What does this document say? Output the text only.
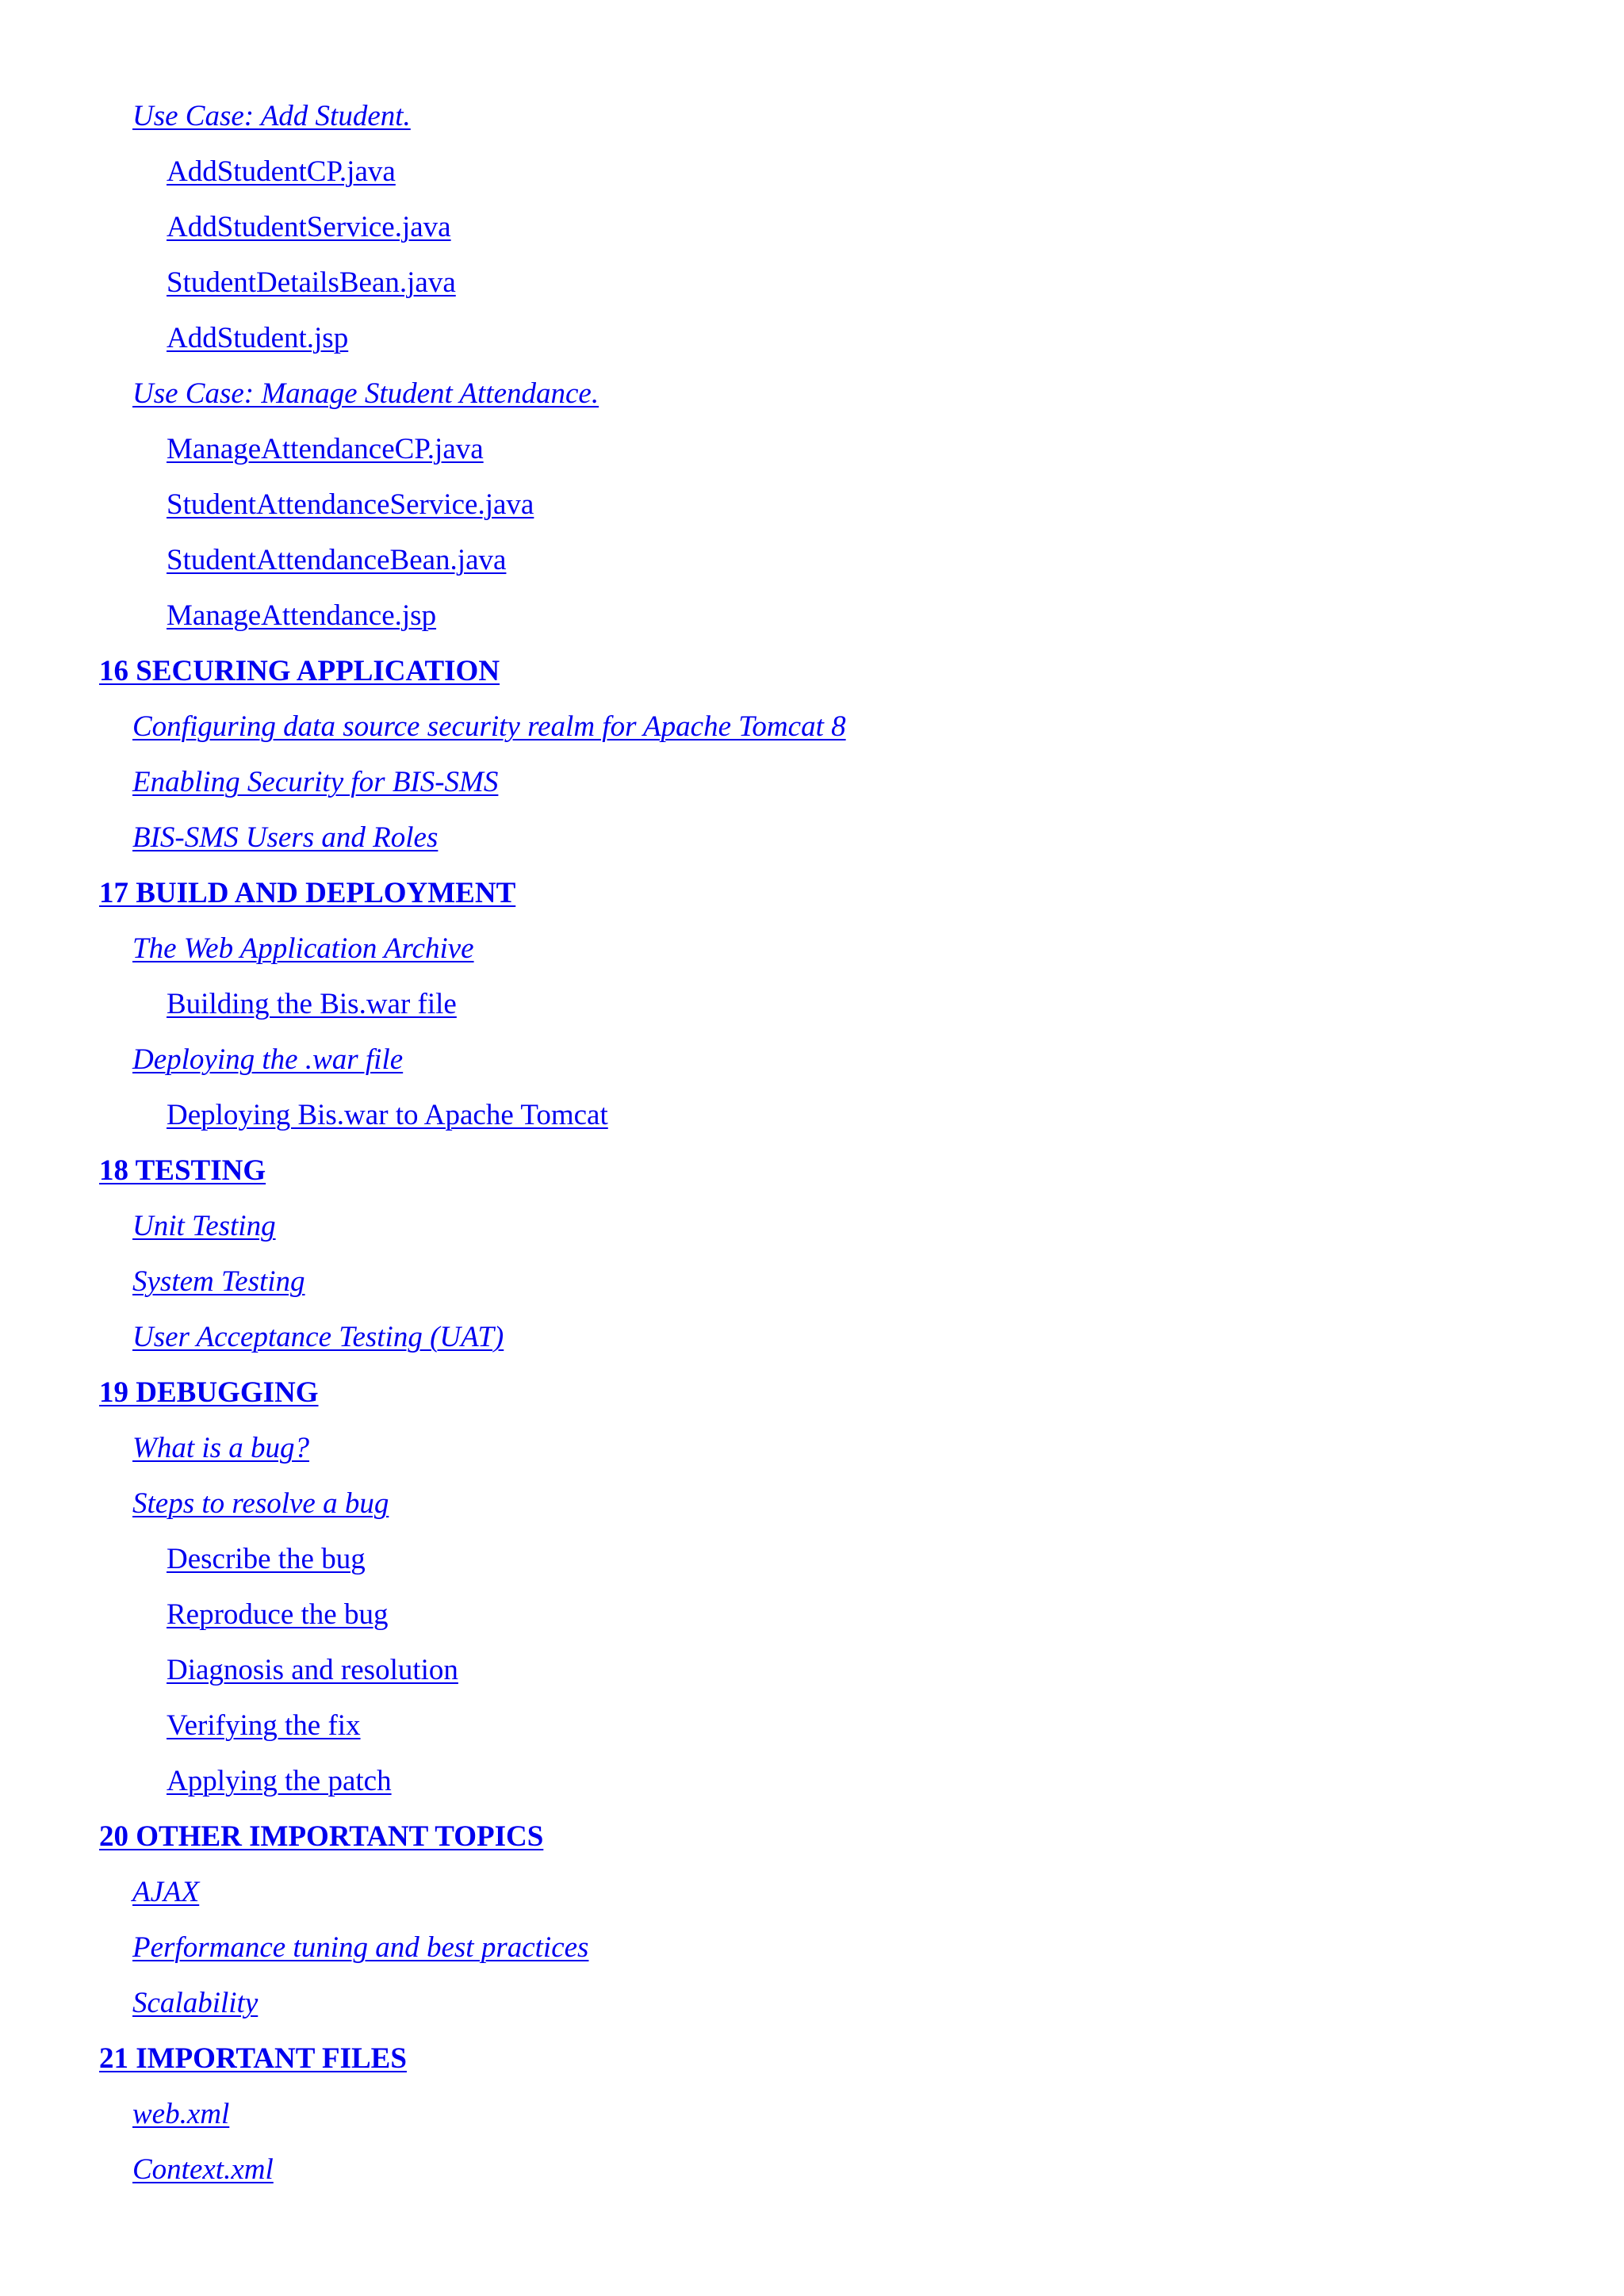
Use Case: Add Student.
AddStudentCP.java
AddStudentService.java
StudentDetailsBean.java
AddStudent.jsp
Use Case: Manage Student Attendance.
ManageAttendanceCP.java
StudentAttendanceService.java
StudentAttendanceBean.java
ManageAttendance.jsp
16 SECURING APPLICATION
Configuring data source security realm for Apache Tomcat 8
Enabling Security for BIS-SMS
BIS-SMS Users and Roles
17 BUILD AND DEPLOYMENT
The Web Application Archive
Building the Bis.war file
Deploying the .war file
Deploying Bis.war to Apache Tomcat
18 TESTING
Unit Testing
System Testing
User Acceptance Testing (UAT)
19 DEBUGGING
What is a bug?
Steps to resolve a bug
Describe the bug
Reproduce the bug
Diagnosis and resolution
Verifying the fix
Applying the patch
20 OTHER IMPORTANT TOPICS
AJAX
Performance tuning and best practices
Scalability
21 IMPORTANT FILES
web.xml
Context.xml
